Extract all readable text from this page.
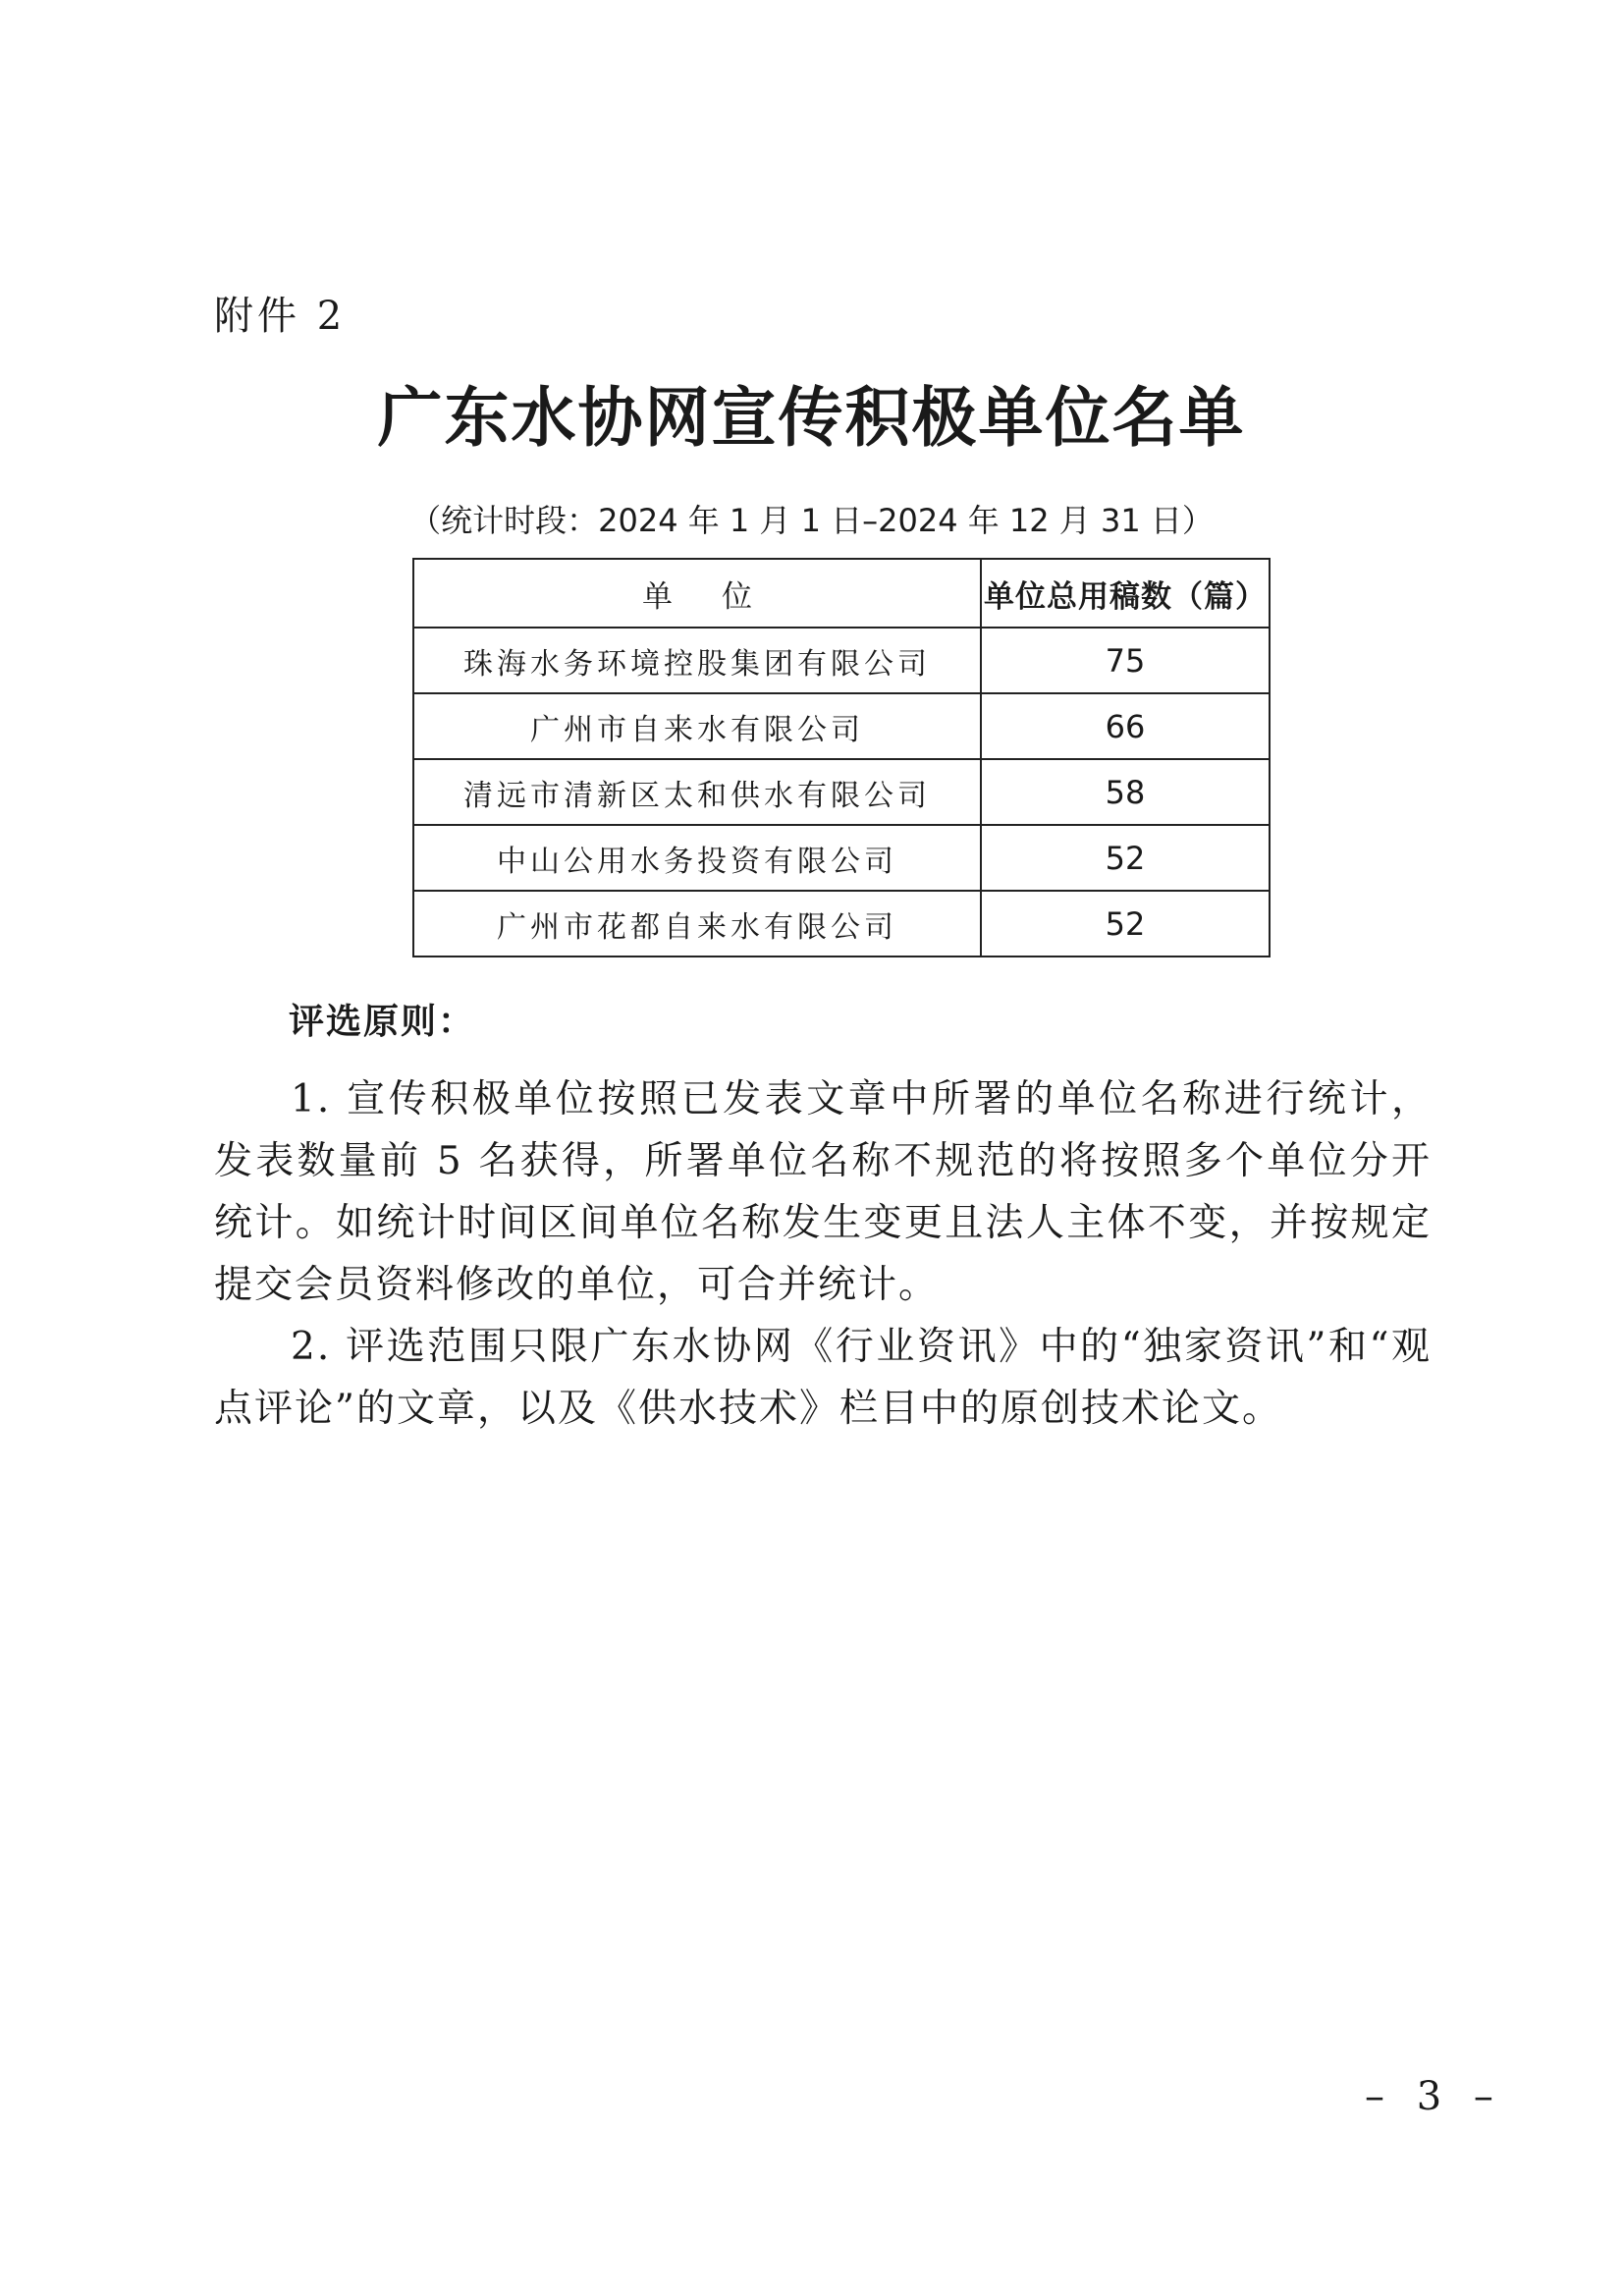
附件 2
广东水协网宣传积极单位名单
（统计时段：2024 年 1 月 1 日–2024 年 12 月 31 日）
单位	单位总用稿数（篇）
珠海水务环境控股集团有限公司	75
广州市自来水有限公司	66
清远市清新区太和供水有限公司	58
中山公用水务投资有限公司	52
广州市花都自来水有限公司	52
评选原则：
1. 宣传积极单位按照已发表文章中所署的单位名称进行统计，发表数量前 5 名获得，所署单位名称不规范的将按照多个单位分开统计。如统计时间区间单位名称发生变更且法人主体不变，并按规定提交会员资料修改的单位，可合并统计。
2. 评选范围只限广东水协网《行业资讯》中的“独家资讯”和“观点评论”的文章，以及《供水技术》栏目中的原创技术论文。
– 3 –
